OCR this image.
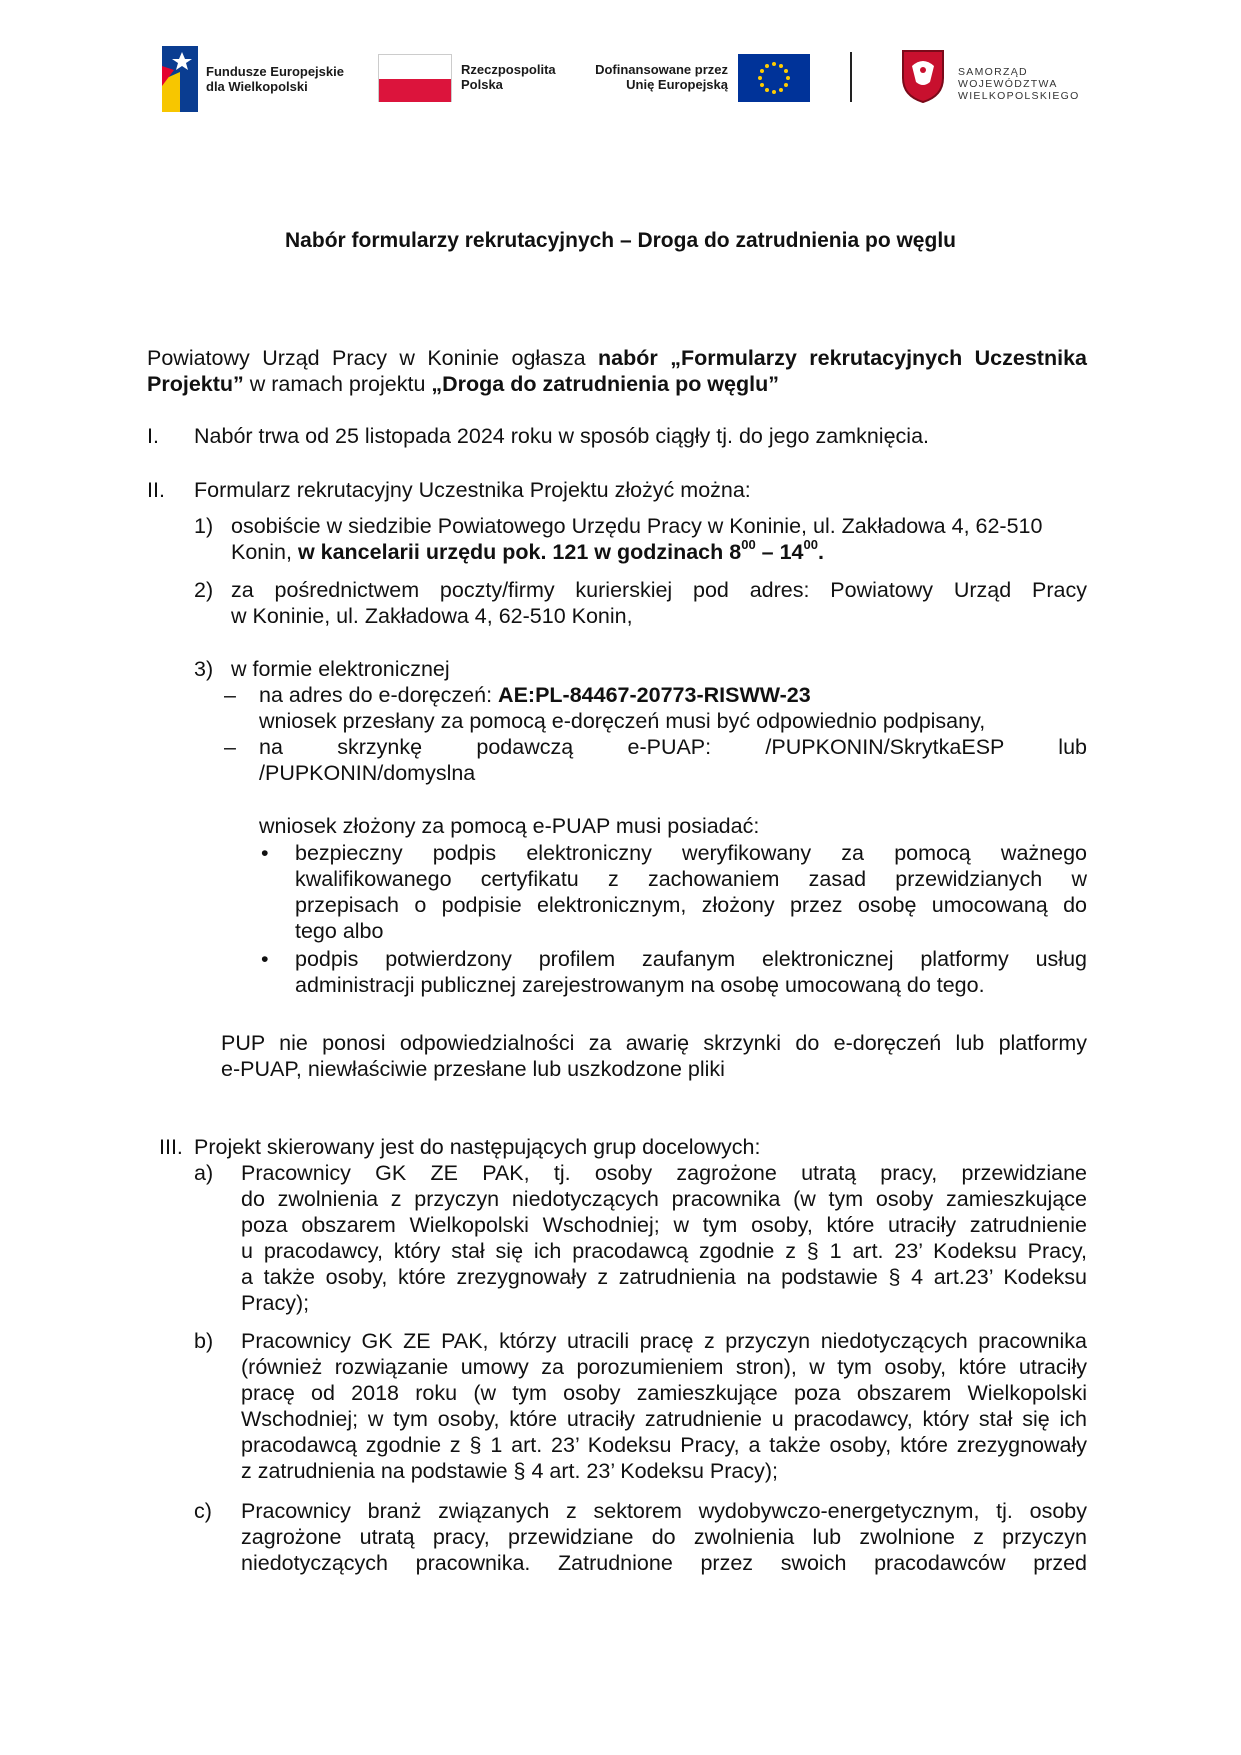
Fundusze Europejskie
dla Wielkopolski
Rzeczpospolita
Polska
Dofinansowane przez
Unię Europejską
SAMORZĄD
WOJEWÓDZTWA
WIELKOPOLSKIEGO
Nabór formularzy rekrutacyjnych – Droga do zatrudnienia po węglu
Powiatowy Urząd Pracy w Koninie ogłasza nabór „Formularzy rekrutacyjnych Uczestnika
Projektu” w ramach projektu „Droga do zatrudnienia po węglu”
I. Nabór trwa od 25 listopada 2024 roku w sposób ciągły tj. do jego zamknięcia.
II. Formularz rekrutacyjny Uczestnika Projektu złożyć można:
1) osobiście w siedzibie Powiatowego Urzędu Pracy w Koninie, ul. Zakładowa 4, 62-510
Konin, w kancelarii urzędu pok. 121 w godzinach $8^{00} - 14^{00}$.
2) za pośrednictwem poczty/firmy kurierskiej pod adres: Powiatowy Urząd Pracy
w Koninie, ul. Zakładowa 4, 62-510 Konin,
3) w formie elektronicznej
– na adres do e-doręczeń: AE:PL-84467-20773-RISWW-23
wniosek przesłany za pomocą e-doręczeń musi być odpowiednio podpisany,
– na skrzynkę podawczą e-PUAP: /PUPKONIN/SkrytkaESP lub
/PUPKONIN/domyslna
wniosek złożony za pomocą e-PUAP musi posiadać:
• bezpieczny podpis elektroniczny weryfikowany za pomocą ważnego
kwalifikowanego certyfikatu z zachowaniem zasad przewidzianych w
przepisach o podpisie elektronicznym, złożony przez osobę umocowaną do
tego albo
• podpis potwierdzony profilem zaufanym elektronicznej platformy usług
administracji publicznej zarejestrowanym na osobę umocowaną do tego.
PUP nie ponosi odpowiedzialności za awarię skrzynki do e-doręczeń lub platformy
e-PUAP, niewłaściwie przesłane lub uszkodzone pliki
III. Projekt skierowany jest do następujących grup docelowych:
a) Pracownicy GK ZE PAK, tj. osoby zagrożone utratą pracy, przewidziane
do zwolnienia z przyczyn niedotyczących pracownika (w tym osoby zamieszkujące
poza obszarem Wielkopolski Wschodniej; w tym osoby, które utraciły zatrudnienie
u pracodawcy, który stał się ich pracodawcą zgodnie z § 1 art. 23’ Kodeksu Pracy,
a także osoby, które zrezygnowały z zatrudnienia na podstawie § 4 art.23’ Kodeksu
Pracy);
b) Pracownicy GK ZE PAK, którzy utracili pracę z przyczyn niedotyczących pracownika
(również rozwiązanie umowy za porozumieniem stron), w tym osoby, które utraciły
pracę od 2018 roku (w tym osoby zamieszkujące poza obszarem Wielkopolski
Wschodniej; w tym osoby, które utraciły zatrudnienie u pracodawcy, który stał się ich
pracodawcą zgodnie z § 1 art. 23’ Kodeksu Pracy, a także osoby, które zrezygnowały
z zatrudnienia na podstawie § 4 art. 23’ Kodeksu Pracy);
c) Pracownicy branż związanych z sektorem wydobywczo-energetycznym, tj. osoby
zagrożone utratą pracy, przewidziane do zwolnienia lub zwolnione z przyczyn
niedotyczących pracownika. Zatrudnione przez swoich pracodawców przed
